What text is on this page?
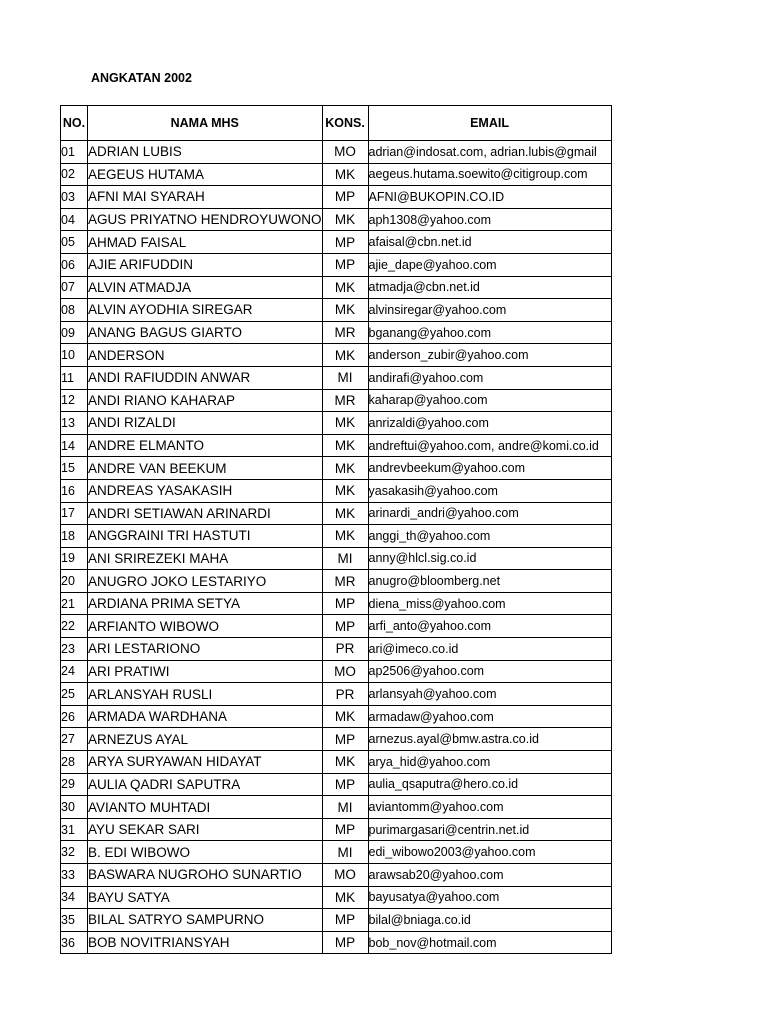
ANGKATAN 2002
NO.	NAMA MHS	KONS.	EMAIL
01	ADRIAN LUBIS	MO	adrian@indosat.com, adrian.lubis@gmail

02	AEGEUS HUTAMA	MK	aegeus.hutama.soewito@citigroup.com
03	AFNI MAI SYARAH	MP	AFNI@BUKOPIN.CO.ID
04	AGUS PRIYATNO HENDROYUWONO	MK	aph1308@yahoo.com
05	AHMAD FAISAL	MP	afaisal@cbn.net.id
06	AJIE ARIFUDDIN	MP	ajie_dape@yahoo.com
07	ALVIN ATMADJA	MK	atmadja@cbn.net.id
08	ALVIN AYODHIA SIREGAR	MK	alvinsiregar@yahoo.com
09	ANANG BAGUS GIARTO	MR	bganang@yahoo.com
10	ANDERSON	MK	anderson_zubir@yahoo.com
11	ANDI RAFIUDDIN ANWAR	MI	andirafi@yahoo.com
12	ANDI RIANO KAHARAP	MR	kaharap@yahoo.com
13	ANDI RIZALDI	MK	anrizaldi@yahoo.com
14	ANDRE ELMANTO	MK	andreftui@yahoo.com, andre@komi.co.id
15	ANDRE VAN BEEKUM	MK	andrevbeekum@yahoo.com
16	ANDREAS YASAKASIH	MK	yasakasih@yahoo.com
17	ANDRI SETIAWAN ARINARDI	MK	arinardi_andri@yahoo.com
18	ANGGRAINI TRI HASTUTI	MK	anggi_th@yahoo.com
19	ANI SRIREZEKI MAHA	MI	anny@hlcl.sig.co.id
20	ANUGRO JOKO LESTARIYO	MR	anugro@bloomberg.net
21	ARDIANA PRIMA SETYA	MP	diena_miss@yahoo.com
22	ARFIANTO WIBOWO	MP	arfi_anto@yahoo.com
23	ARI LESTARIONO	PR	ari@imeco.co.id
24	ARI PRATIWI	MO	ap2506@yahoo.com
25	ARLANSYAH RUSLI	PR	arlansyah@yahoo.com
26	ARMADA WARDHANA	MK	armadaw@yahoo.com
27	ARNEZUS AYAL	MP	arnezus.ayal@bmw.astra.co.id
28	ARYA SURYAWAN HIDAYAT	MK	arya_hid@yahoo.com
29	AULIA QADRI SAPUTRA	MP	aulia_qsaputra@hero.co.id
30	AVIANTO MUHTADI	MI	aviantomm@yahoo.com
31	AYU SEKAR SARI	MP	purimargasari@centrin.net.id
32	B. EDI WIBOWO	MI	edi_wibowo2003@yahoo.com
33	BASWARA NUGROHO SUNARTIO	MO	arawsab20@yahoo.com
34	BAYU SATYA	MK	bayusatya@yahoo.com
35	BILAL SATRYO SAMPURNO	MP	bilal@bniaga.co.id
36	BOB NOVITRIANSYAH	MP	bob_nov@hotmail.com
